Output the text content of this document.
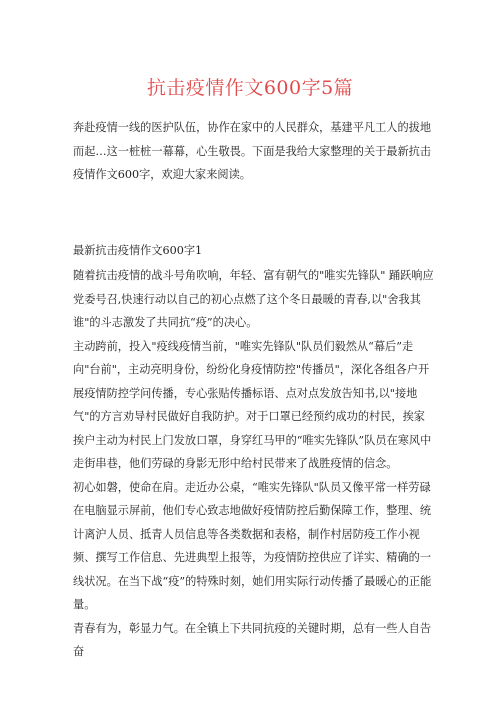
抗击疫情作文600字5篇

奔赴疫情一线的医护队伍，协作在家中的人民群众，基建平凡工人的拔地而起…这一桩桩一幕幕，心生敬畏。下面是我给大家整理的关于最新抗击疫情作文600字，欢迎大家来阅读。

最新抗击疫情作文600字1

随着抗击疫情的战斗号角吹响，年轻、富有朝气的"唯实先锋队" 踊跃响应党委号召,快速行动以自己的初心点燃了这个冬日最暖的青春,以"舍我其谁"的斗志激发了共同抗“疫”的决心。

主动跨前，投入"疫线疫情当前，"唯实先锋队"队员们毅然从“幕后”走向"台前"，主动亮明身份，纷纷化身疫情防控"传播员"，深化各组各户开展疫情防控学问传播，专心张贴传播标语、点对点发放告知书,以"接地气"的方言劝导村民做好自我防护。对于口罩已经预约成功的村民，挨家挨户主动为村民上门发放口罩，身穿红马甲的“唯实先锋队”队员在寒风中走街串巷，他们劳碌的身影无形中给村民带来了战胜疫情的信念。

初心如磐，使命在肩。走近办公桌，“唯实先锋队"队员又像平常一样劳碌在电脑显示屏前，他们专心致志地做好疫情防控后勤保障工作，整理、统计离沪人员、抵青人员信息等各类数据和表格，制作村居防疫工作小视频、撰写工作信息、先进典型上报等，为疫情防控供应了详实、精确的一线状况。在当下战“疫”的特殊时刻，她们用实际行动传播了最暖心的正能量。

青春有为，彰显力气。在全镇上下共同抗疫的关键时期，总有一些人自告奋
